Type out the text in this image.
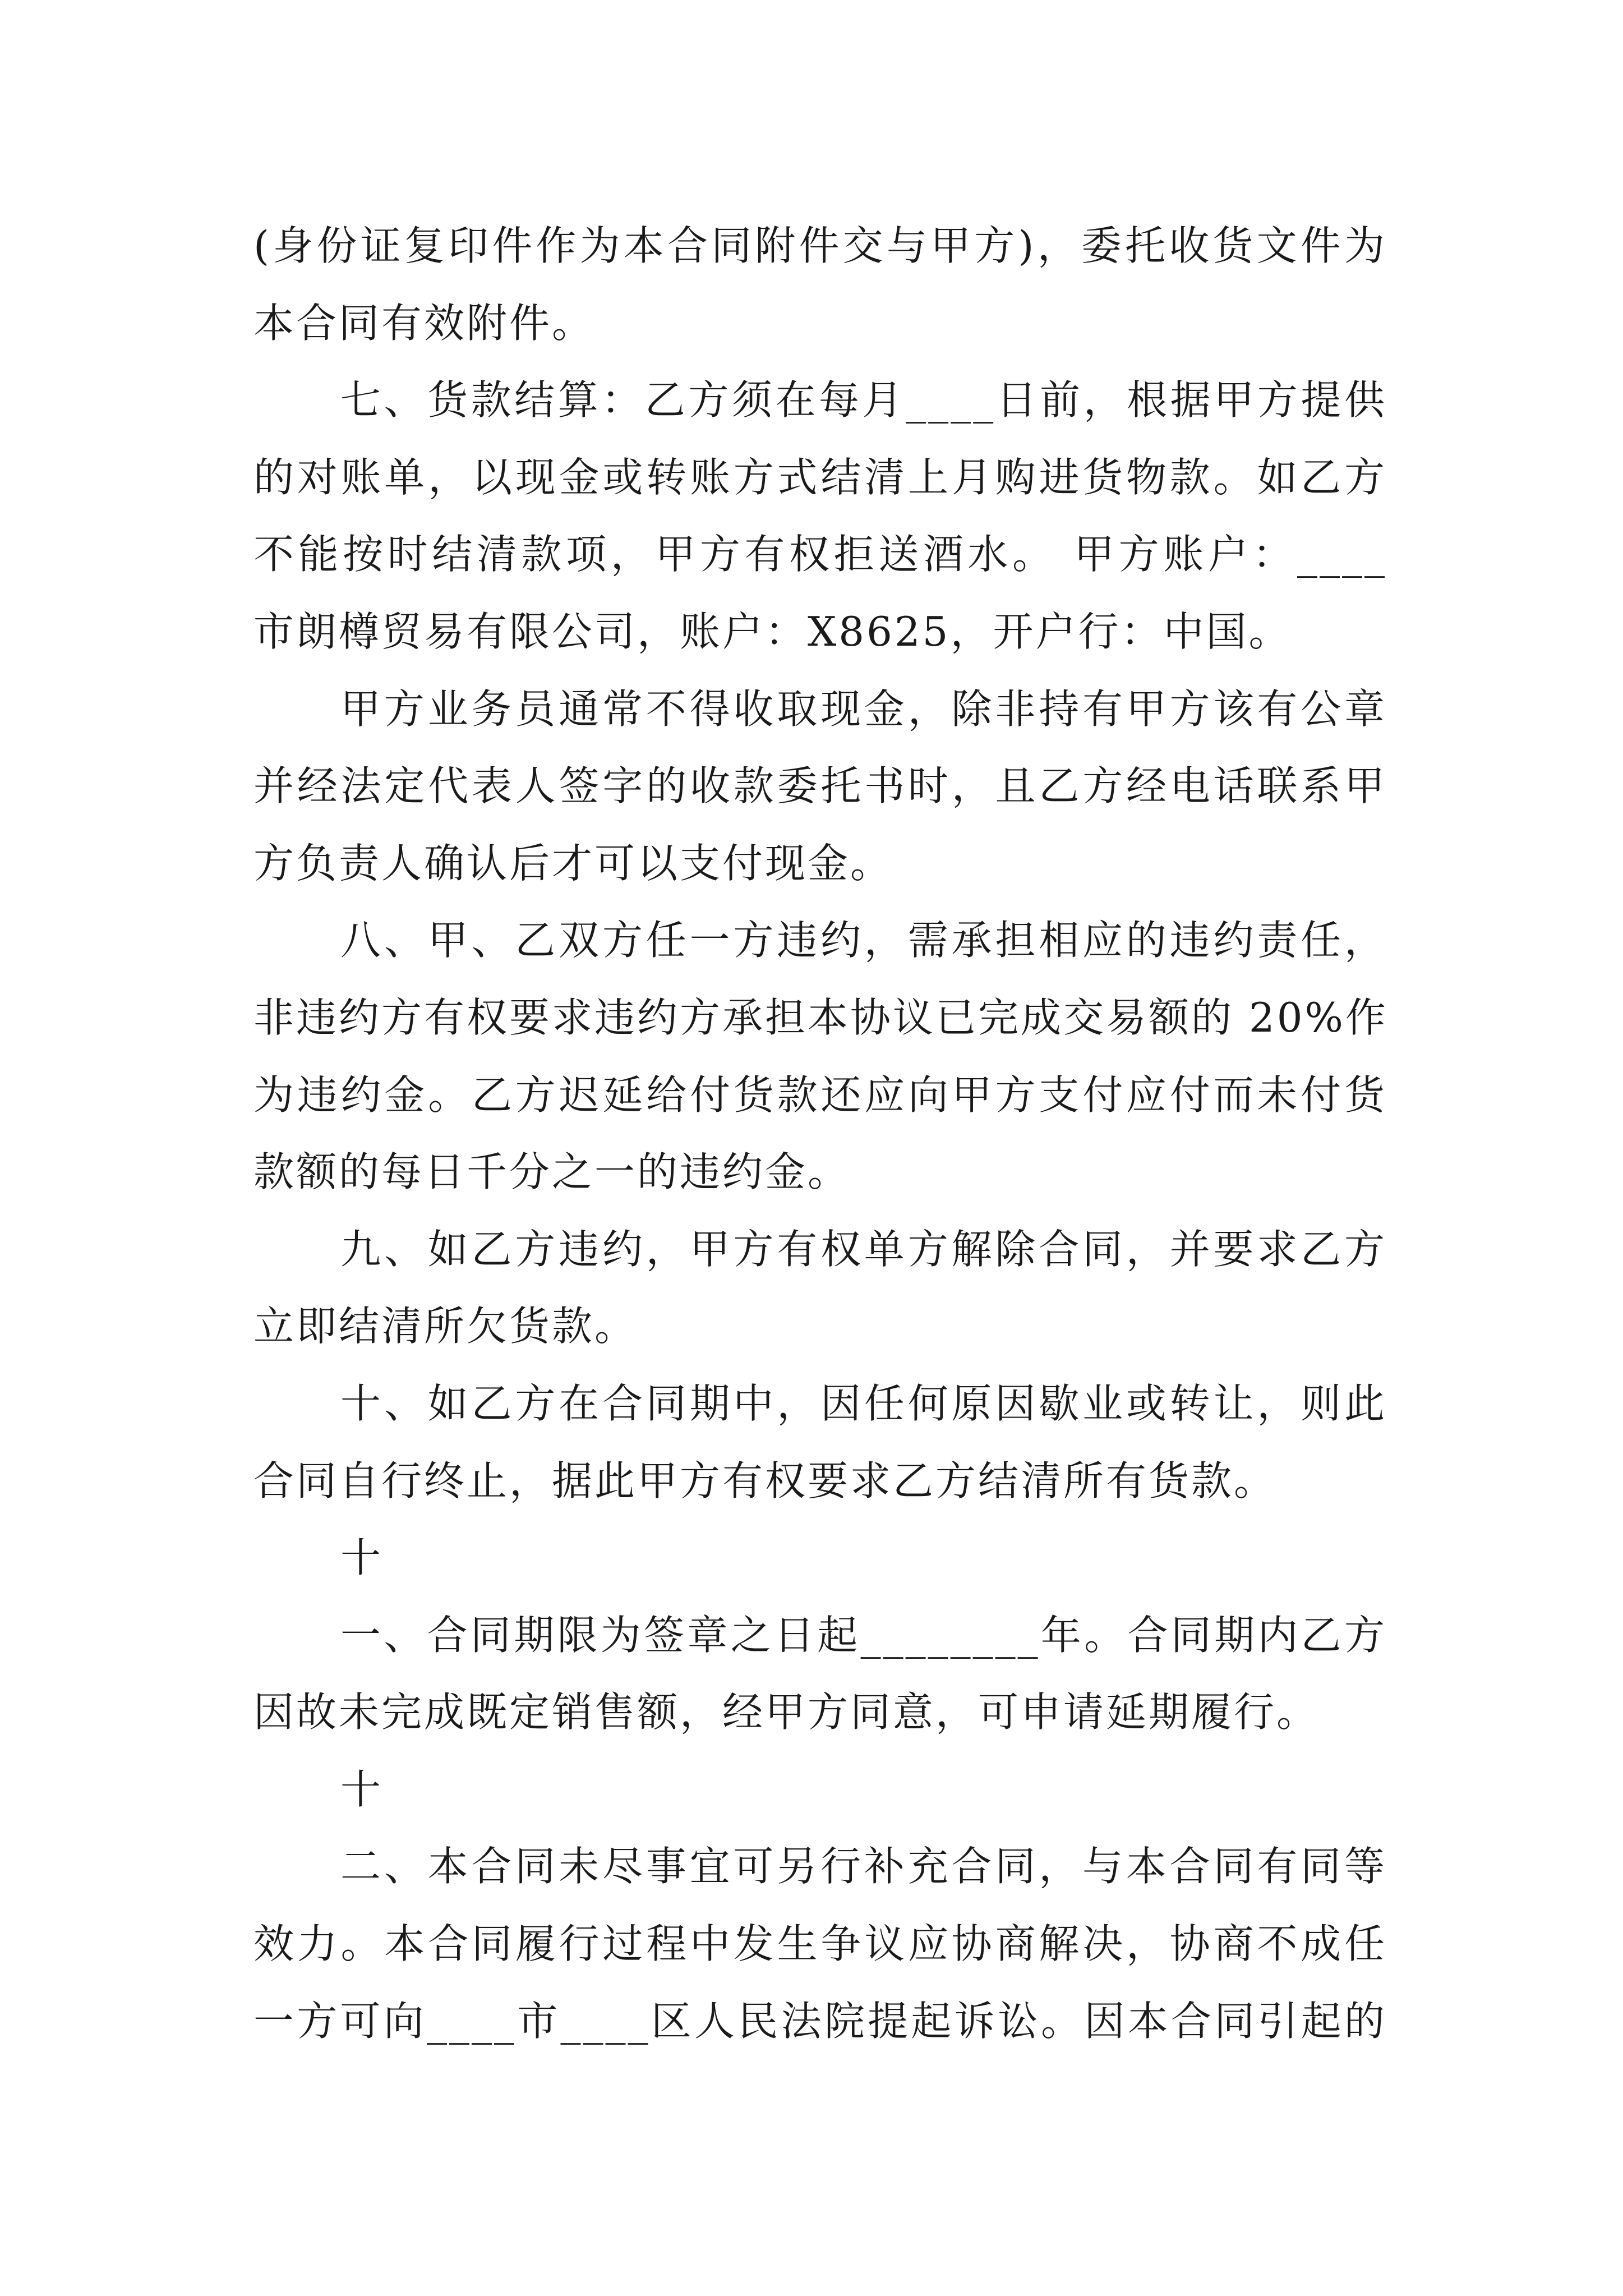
(身份证复印件作为本合同附件交与甲方)，委托收货文件为
本合同有效附件。
七、货款结算：乙方须在每月____日前，根据甲方提供
的对账单，以现金或转账方式结清上月购进货物款。如乙方
不能按时结清款项，甲方有权拒送酒水。 甲方账户：____
市朗樽贸易有限公司，账户：X8625，开户行：中国。
甲方业务员通常不得收取现金，除非持有甲方该有公章
并经法定代表人签字的收款委托书时，且乙方经电话联系甲
方负责人确认后才可以支付现金。
八、甲、乙双方任一方违约，需承担相应的违约责任，
非违约方有权要求违约方承担本协议已完成交易额的 20%作
为违约金。乙方迟延给付货款还应向甲方支付应付而未付货
款额的每日千分之一的违约金。
九、如乙方违约，甲方有权单方解除合同，并要求乙方
立即结清所欠货款。
十、如乙方在合同期中，因任何原因歇业或转让，则此
合同自行终止，据此甲方有权要求乙方结清所有货款。
十
一、合同期限为签章之日起________年。合同期内乙方
因故未完成既定销售额，经甲方同意，可申请延期履行。
十
二、本合同未尽事宜可另行补充合同，与本合同有同等
效力。本合同履行过程中发生争议应协商解决，协商不成任
一方可向____市____区人民法院提起诉讼。因本合同引起的
